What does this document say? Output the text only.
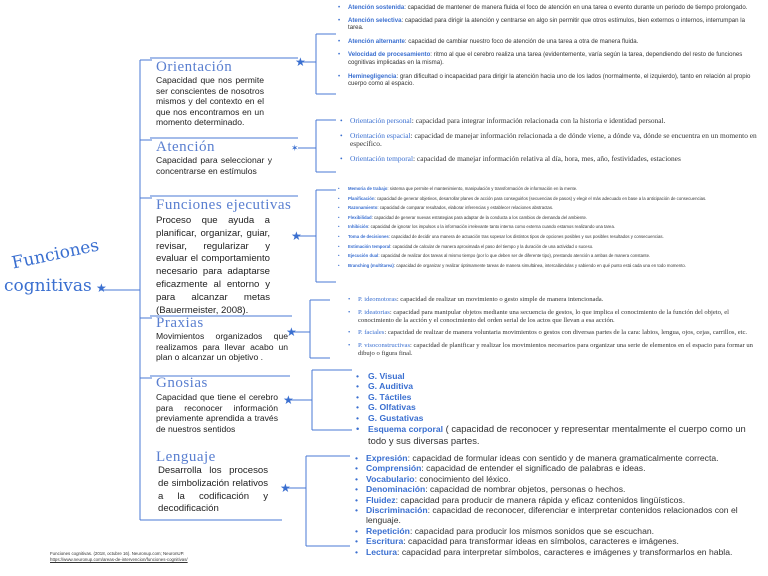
★
★
✶
★
★
★
★
Funciones
cognitivas
Orientación
Capacidad que nos permite ser conscientes de nosotros mismos y del contexto en el que nos encontramos en un momento determinado.
Atención
Capacidad para seleccionar y concentrarse en estímulos
Funciones ejecutivas
Proceso que ayuda a planificar, organizar, guiar, revisar, regularizar y evaluar el comportamiento necesario para adaptarse eficazmente al entorno y para alcanzar metas (Bauermeister, 2008).
Praxias
Movimientos organizados que realizamos para llevar acabo un plan o alcanzar un objetivo .
Gnosias
Capacidad que tiene el cerebro para reconocer información previamente aprendida a través de nuestros sentidos
Lenguaje
Desarrolla los procesos de simbolización relativos a la codificación y decodificación
• Atención sostenida: capacidad de mantener de manera fluida el foco de atención en una tarea o evento durante un periodo de tiempo prolongado.
• Atención selectiva: capacidad para dirigir la atención y centrarse en algo sin permitir que otros estímulos, bien externos o internos, interrumpan la tarea.
• Atención alternante: capacidad de cambiar nuestro foco de atención de una tarea a otra de manera fluida.
• Velocidad de procesamiento: ritmo al que el cerebro realiza una tarea (evidentemente, varía según la tarea, dependiendo del resto de funciones cognitivas implicadas en la misma).
• Heminegligencia: gran dificultad o incapacidad para dirigir la atención hacia uno de los lados (normalmente, el izquierdo), tanto en relación al propio cuerpo como al espacio.
• Orientación personal: capacidad para integrar información relacionada con la historia e identidad personal.
• Orientación espacial: capacidad de manejar información relacionada a de dónde viene, a dónde va, dónde se encuentra en un momento en específico.
• Orientación temporal: capacidad de manejar información relativa al día, hora, mes, año, festividades, estaciones
• Memoria de trabajo: sistema que permite el mantenimiento, manipulación y transformación de información en la mente.
• Planificación: capacidad de generar objetivos, desarrollar planes de acción para conseguirlos (secuencias de pasos) y elegir el más adecuado en base a la anticipación de consecuencias.
• Razonamiento: capacidad de comparar resultados, elaborar inferencias y establecer relaciones abstractas.
• Flexibilidad: capacidad de generar nuevas estrategias para adaptar de la conducta a los cambios de demanda del ambiente.
• Inhibición: capacidad de ignorar los impulsos o la información irrelevante tanto interna como externa cuando estamos realizando una tarea.
• Toma de decisiones: capacidad de decidir una manera de actuación tras sopesar los distintos tipos de opciones posibles y sus posibles resultados y consecuencias.
• Estimación temporal: capacidad de calcular de manera aproximada el paso del tiempo y la duración de una actividad o suceso.
• Ejecución dual: capacidad de realizar dos tareas al mismo tiempo (por lo que deben ser de diferente tipo), prestando atención a ambas de manera constante.
• Branching (multitarea): capacidad de organizar y realizar óptimamente tareas de manera simultánea, intercalándolas y sabiendo en qué punto está cada una en todo momento.
• P. ideomotoras: capacidad de realizar un movimiento o gesto simple de manera intencionada.
• P. ideatorias: capacidad para manipular objetos mediante una secuencia de gestos, lo que implica el conocimiento de la función del objeto, el conocimiento de la acción y el conocimiento del orden serial de los actos que llevan a esa acción.
• P. faciales: capacidad de realizar de manera voluntaria movimientos o gestos con diversas partes de la cara: labios, lengua, ojos, cejas, carrillos, etc.
• P. visoconstructivas: capacidad de planificar y realizar los movimientos necesarios para organizar una serie de elementos en el espacio para formar un dibujo o figura final.
• G. Visual
• G. Auditiva
• G. Táctiles
• G. Olfativas
• G. Gustativas
• Esquema corporal ( capacidad de reconocer y representar mentalmente el cuerpo como un todo y sus diversas partes.
• Expresión: capacidad de formular ideas con sentido y de manera gramaticalmente correcta.
• Comprensión: capacidad de entender el significado de palabras e ideas.
• Vocabulario: conocimiento del léxico.
• Denominación: capacidad de nombrar objetos, personas o hechos.
• Fluidez: capacidad para producir de manera rápida y eficaz contenidos lingüísticos.
• Discriminación: capacidad de reconocer, diferenciar e interpretar contenidos relacionados con el lenguaje.
• Repetición: capacidad para producir los mismos sonidos que se escuchan.
• Escritura: capacidad para transformar ideas en símbolos, caracteres e imágenes.
• Lectura: capacidad para interpretar símbolos, caracteres e imágenes y transformarlos en habla.
Funciones cognitivas. (2018, octubre 16). Neuronup.com; NeuronUP.
https://www.neuronup.com/areas-de-intervencion/funciones-cognitivas/
